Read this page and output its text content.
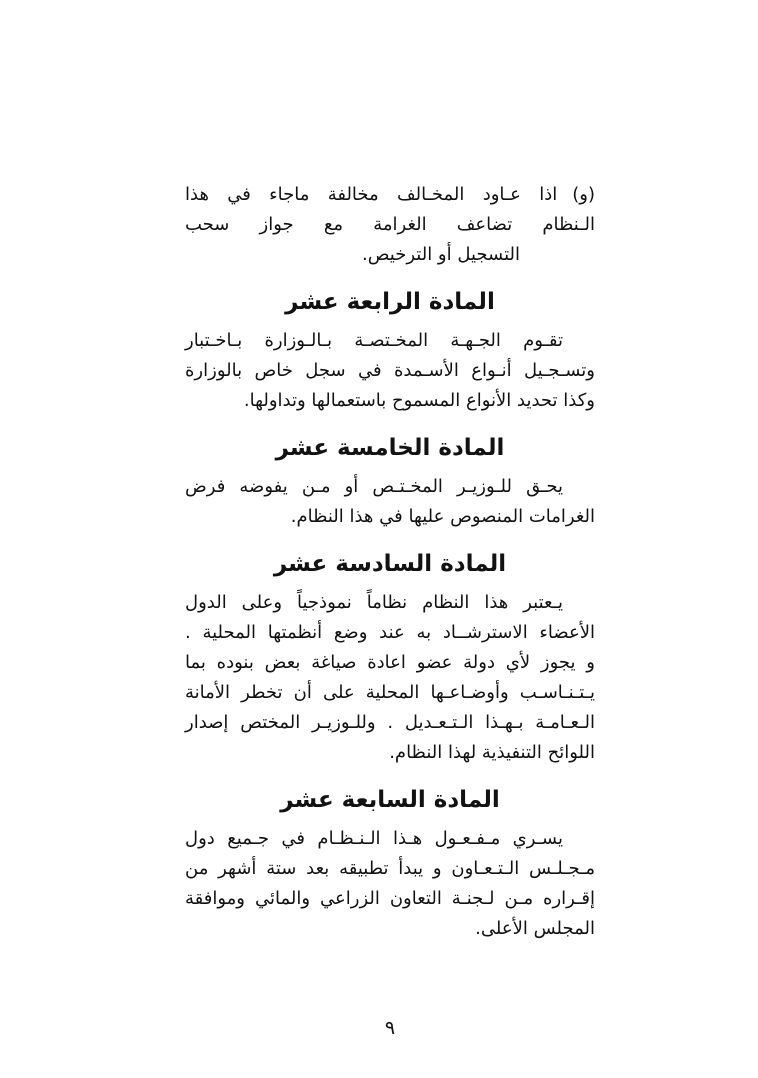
(و)اذا عـاود المخـالف مخالفة ماجاء في هذا
الـنظام تضاعف الغرامة مع جواز سحب
التسجيل أو الترخيص.
المادة الرابعة عشر
تقـوم الجـهـة المخـتصـة بـالـوزارة بـاخـتبار
وتسـجـيل أنـواع الأسـمدة في سجل خاص بالوزارة
وكذا تحديد الأنواع المسموح باستعمالها وتداولها.
المادة الخامسة عشر
يحـق للـوزيـر المخـتـص أو مـن يفوضه فرض
الغرامات المنصوص عليها في هذا النظام.
المادة السادسة عشر
يـعتبر هذا النظام نظاماً نموذجياً وعلى الدول
الأعضاء الاسترشــاد به عند وضع أنظمتها المحلية .
و يجوز لأي دولة عضو اعادة صياغة بعض بنوده بما
يـتـنـاسـب وأوضـاعـها المحلية على أن تخطر الأمانة
الـعـامـة بـهـذا الـتـعـديل . وللـوزيـر المختص إصدار
اللوائح التنفيذية لهذا النظام.
المادة السابعة عشر
يسـري مـفـعـول هـذا الـنـظـام في جـميع دول
مـجـلـس الـتـعـاون و يبدأ تطبيقه بعد ستة أشهر من
إقـراره مـن لـجنـة التعاون الزراعي والمائي وموافقة
المجلس الأعلى.
٩
